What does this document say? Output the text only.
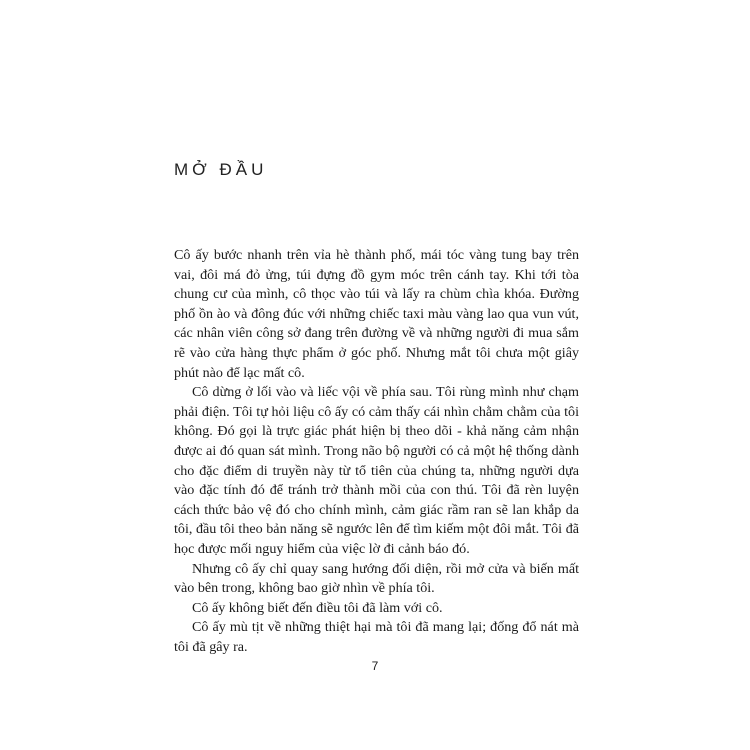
MỞ ĐẦU

Cô ấy bước nhanh trên vỉa hè thành phố, mái tóc vàng tung bay trên vai, đôi má đỏ ửng, túi đựng đồ gym móc trên cánh tay. Khi tới tòa chung cư của mình, cô thọc vào túi và lấy ra chùm chìa khóa. Đường phố ồn ào và đông đúc với những chiếc taxi màu vàng lao qua vun vút, các nhân viên công sở đang trên đường về và những người đi mua sắm rẽ vào cửa hàng thực phẩm ở góc phố. Nhưng mắt tôi chưa một giây phút nào để lạc mất cô.

Cô dừng ở lối vào và liếc vội về phía sau. Tôi rùng mình như chạm phải điện. Tôi tự hỏi liệu cô ấy có cảm thấy cái nhìn chằm chằm của tôi không. Đó gọi là trực giác phát hiện bị theo dõi - khả năng cảm nhận được ai đó quan sát mình. Trong não bộ người có cả một hệ thống dành cho đặc điểm di truyền này từ tổ tiên của chúng ta, những người dựa vào đặc tính đó để tránh trở thành mồi của con thú. Tôi đã rèn luyện cách thức bảo vệ đó cho chính mình, cảm giác rầm ran sẽ lan khắp da tôi, đầu tôi theo bản năng sẽ ngước lên để tìm kiếm một đôi mắt. Tôi đã học được mối nguy hiểm của việc lờ đi cảnh báo đó.

Nhưng cô ấy chỉ quay sang hướng đối diện, rồi mở cửa và biến mất vào bên trong, không bao giờ nhìn về phía tôi.

Cô ấy không biết đến điều tôi đã làm với cô.

Cô ấy mù tịt về những thiệt hại mà tôi đã mang lại; đống đổ nát mà tôi đã gây ra.

7
